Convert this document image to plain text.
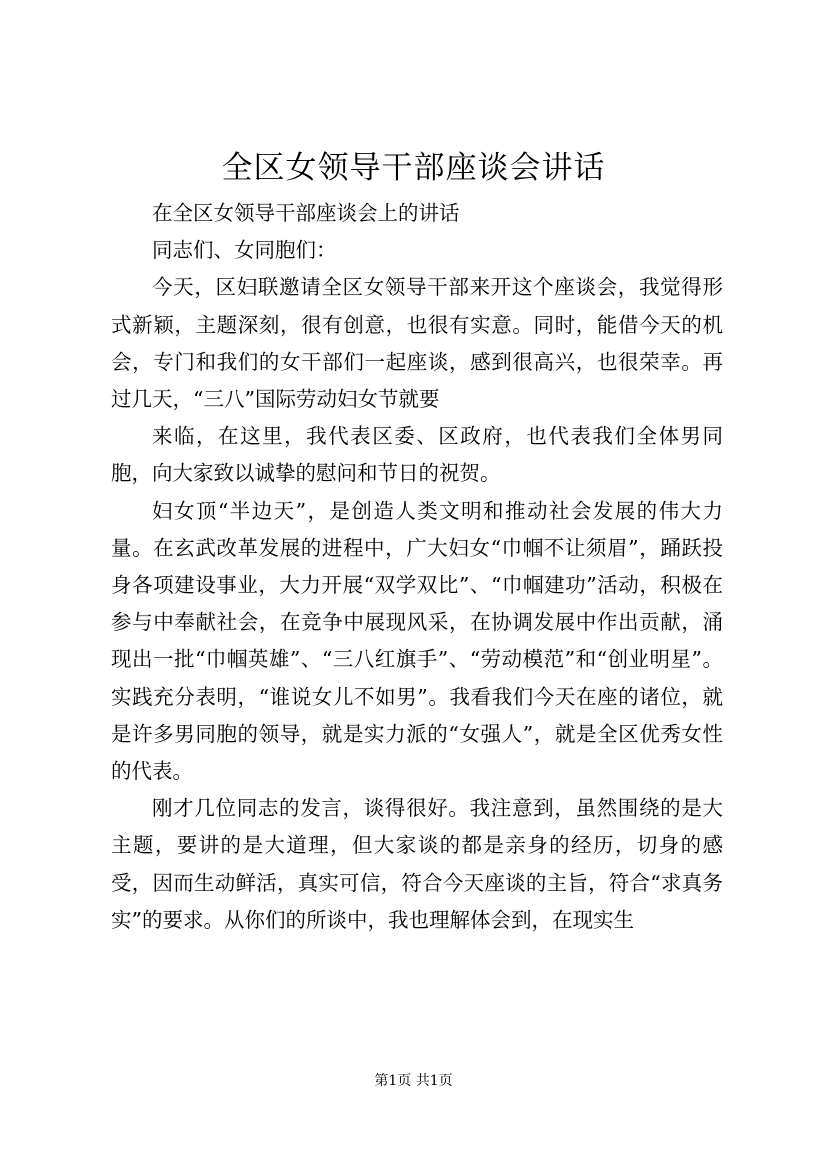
全区女领导干部座谈会讲话

在全区女领导干部座谈会上的讲话

同志们、女同胞们：

今天，区妇联邀请全区女领导干部来开这个座谈会，我觉得形式新颖，主题深刻，很有创意，也很有实意。同时，能借今天的机会，专门和我们的女干部们一起座谈，感到很高兴，也很荣幸。再过几天，“三八”国际劳动妇女节就要

来临，在这里，我代表区委、区政府，也代表我们全体男同胞，向大家致以诚挚的慰问和节日的祝贺。

妇女顶“半边天”，是创造人类文明和推动社会发展的伟大力量。在玄武改革发展的进程中，广大妇女“巾帼不让须眉”，踊跃投身各项建设事业，大力开展“双学双比”、“巾帼建功”活动，积极在参与中奉献社会，在竞争中展现风采，在协调发展中作出贡献，涌现出一批“巾帼英雄”、“三八红旗手”、“劳动模范”和“创业明星”。实践充分表明，“谁说女儿不如男”。我看我们今天在座的诸位，就是许多男同胞的领导，就是实力派的“女强人”，就是全区优秀女性的代表。

刚才几位同志的发言，谈得很好。我注意到，虽然围绕的是大主题，要讲的是大道理，但大家谈的都是亲身的经历，切身的感受，因而生动鲜活，真实可信，符合今天座谈的主旨，符合“求真务实”的要求。从你们的所谈中，我也理解体会到，在现实生

第1页 共1页
